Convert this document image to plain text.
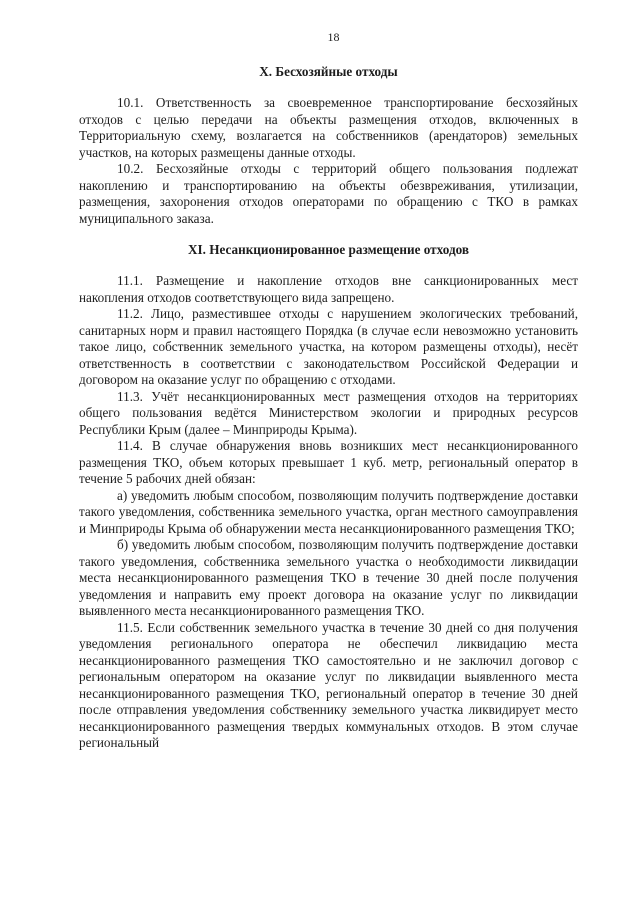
18
X. Бесхозяйные отходы

10.1. Ответственность за своевременное транспортирование бесхозяйных отходов с целью передачи на объекты размещения отходов, включенных в Территориальную схему, возлагается на собственников (арендаторов) земельных участков, на которых размещены данные отходы.

10.2. Бесхозяйные отходы с территорий общего пользования подлежат накоплению и транспортированию на объекты обезвреживания, утилизации, размещения, захоронения отходов операторами по обращению с ТКО в рамках муниципального заказа.

XI. Несанкционированное размещение отходов

11.1. Размещение и накопление отходов вне санкционированных мест накопления отходов соответствующего вида запрещено.

11.2. Лицо, разместившее отходы с нарушением экологических требований, санитарных норм и правил настоящего Порядка (в случае если невозможно установить такое лицо, собственник земельного участка, на котором размещены отходы), несёт ответственность в соответствии с законодательством Российской Федерации и договором на оказание услуг по обращению с отходами.

11.3. Учёт несанкционированных мест размещения отходов на территориях общего пользования ведётся Министерством экологии и природных ресурсов Республики Крым (далее – Минприроды Крыма).

11.4. В случае обнаружения вновь возникших мест несанкционированного размещения ТКО, объем которых превышает 1 куб. метр, региональный оператор в течение 5 рабочих дней обязан:

а) уведомить любым способом, позволяющим получить подтверждение доставки такого уведомления, собственника земельного участка, орган местного самоуправления и Минприроды Крыма об обнаружении места несанкционированного размещения ТКО;

б) уведомить любым способом, позволяющим получить подтверждение доставки такого уведомления, собственника земельного участка о необходимости ликвидации места несанкционированного размещения ТКО в течение 30 дней после получения уведомления и направить ему проект договора на оказание услуг по ликвидации выявленного места несанкционированного размещения ТКО.

11.5. Если собственник земельного участка в течение 30 дней со дня получения уведомления регионального оператора не обеспечил ликвидацию места несанкционированного размещения ТКО самостоятельно и не заключил договор с региональным оператором на оказание услуг по ликвидации выявленного места несанкционированного размещения ТКО, региональный оператор в течение 30 дней после отправления уведомления собственнику земельного участка ликвидирует место несанкционированного размещения твердых коммунальных отходов. В этом случае региональный
